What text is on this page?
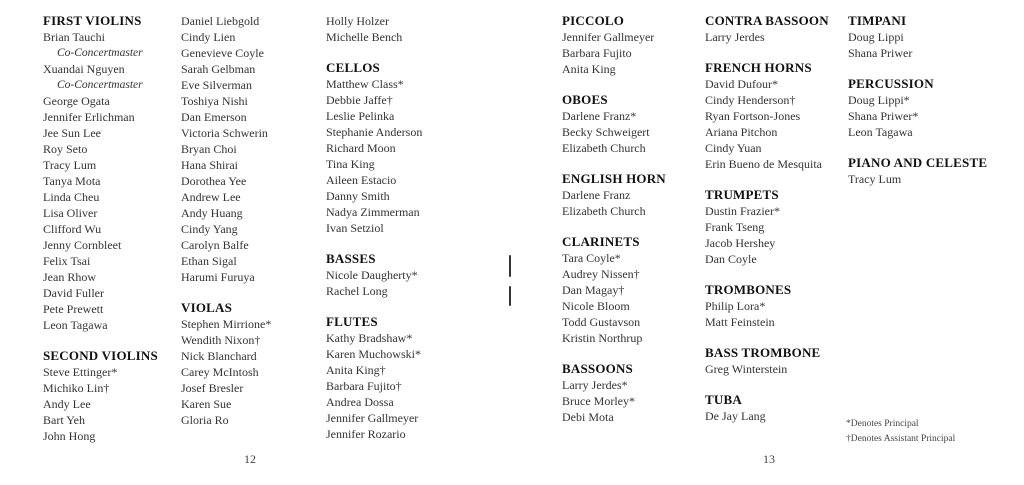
FIRST VIOLINS
Brian Tauchi
Co-Concertmaster
Xuandai Nguyen
Co-Concertmaster
George Ogata
Jennifer Erlichman
Jee Sun Lee
Roy Seto
Tracy Lum
Tanya Mota
Linda Cheu
Lisa Oliver
Clifford Wu
Jenny Cornbleet
Felix Tsai
Jean Rhow
David Fuller
Pete Prewett
Leon Tagawa
SECOND VIOLINS
Steve Ettinger*
Michiko Lin†
Andy Lee
Bart Yeh
John Hong
Daniel Liebgold
Cindy Lien
Genevieve Coyle
Sarah Gelbman
Eve Silverman
Toshiya Nishi
Dan Emerson
Victoria Schwerin
Bryan Choi
Hana Shirai
Dorothea Yee
Andrew Lee
Andy Huang
Cindy Yang
Carolyn Balfe
Ethan Sigal
Harumi Furuya
VIOLAS
Stephen Mirrione*
Wendith Nixon†
Nick Blanchard
Carey McIntosh
Josef Bresler
Karen Sue
Gloria Ro
Holly Holzer
Michelle Bench
CELLOS
Matthew Class*
Debbie Jaffe†
Leslie Pelinka
Stephanie Anderson
Richard Moon
Tina King
Aileen Estacio
Danny Smith
Nadya Zimmerman
Ivan Setziol
BASSES
Nicole Daugherty*
Rachel Long
FLUTES
Kathy Bradshaw*
Karen Muchowski*
Anita King†
Barbara Fujito†
Andrea Dossa
Jennifer Gallmeyer
Jennifer Rozario
PICCOLO
Jennifer Gallmeyer
Barbara Fujito
Anita King
OBOES
Darlene Franz*
Becky Schweigert
Elizabeth Church
ENGLISH HORN
Darlene Franz
Elizabeth Church
CLARINETS
Tara Coyle*
Audrey Nissen†
Dan Magay†
Nicole Bloom
Todd Gustavson
Kristin Northrup
BASSOONS
Larry Jerdes*
Bruce Morley*
Debi Mota
CONTRA BASSOON
Larry Jerdes
FRENCH HORNS
David Dufour*
Cindy Henderson†
Ryan Fortson-Jones
Ariana Pitchon
Cindy Yuan
Erin Bueno de Mesquita
TRUMPETS
Dustin Frazier*
Frank Tseng
Jacob Hershey
Dan Coyle
TROMBONES
Philip Lora*
Matt Feinstein
BASS TROMBONE
Greg Winterstein
TUBA
De Jay Lang
TIMPANI
Doug Lippi
Shana Priwer
PERCUSSION
Doug Lippi*
Shana Priwer*
Leon Tagawa
PIANO AND CELESTE
Tracy Lum
*Denotes Principal
†Denotes Assistant Principal
12	13
